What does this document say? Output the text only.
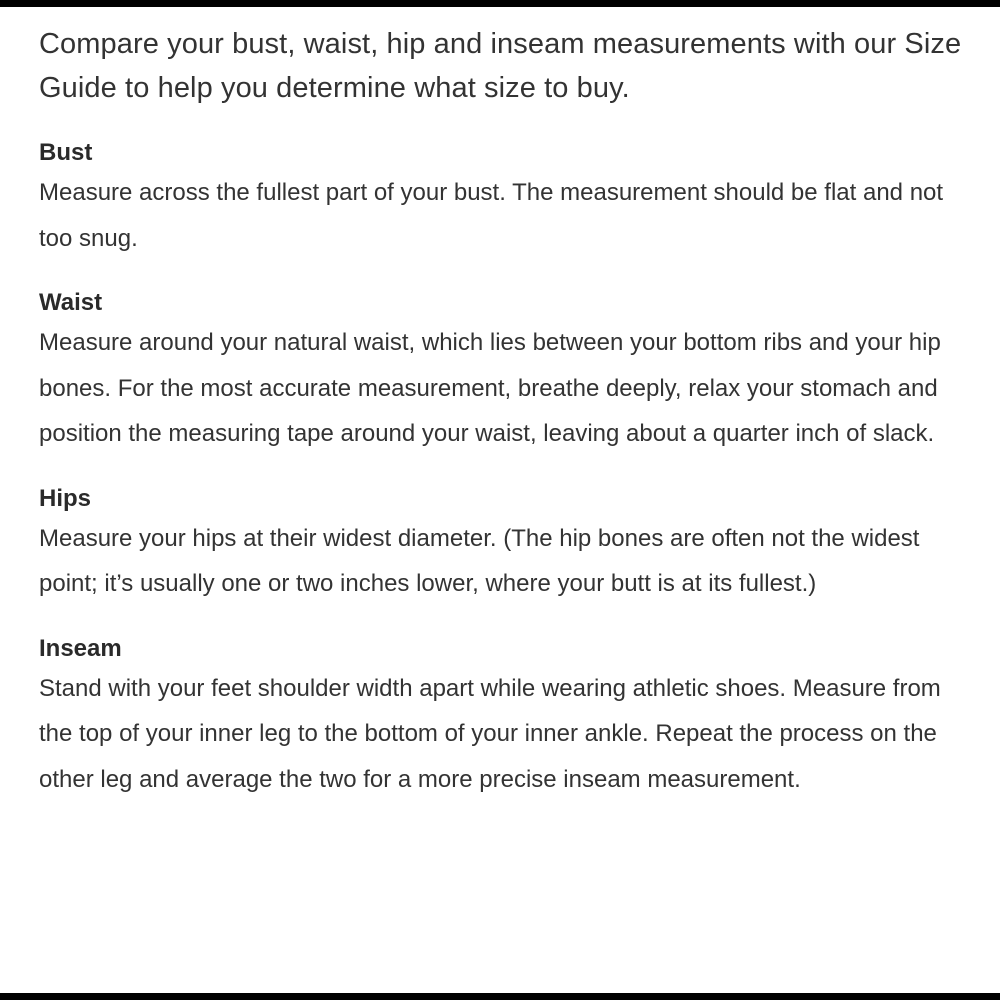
Compare your bust, waist, hip and inseam measurements with our Size Guide to help you determine what size to buy.

Bust

Measure across the fullest part of your bust. The measurement should be flat and not too snug.

Waist

Measure around your natural waist, which lies between your bottom ribs and your hip bones. For the most accurate measurement, breathe deeply, relax your stomach and position the measuring tape around your waist, leaving about a quarter inch of slack.

Hips

Measure your hips at their widest diameter. (The hip bones are often not the widest point; it’s usually one or two inches lower, where your butt is at its fullest.)

Inseam

Stand with your feet shoulder width apart while wearing athletic shoes. Measure from the top of your inner leg to the bottom of your inner ankle. Repeat the process on the other leg and average the two for a more precise inseam measurement.
